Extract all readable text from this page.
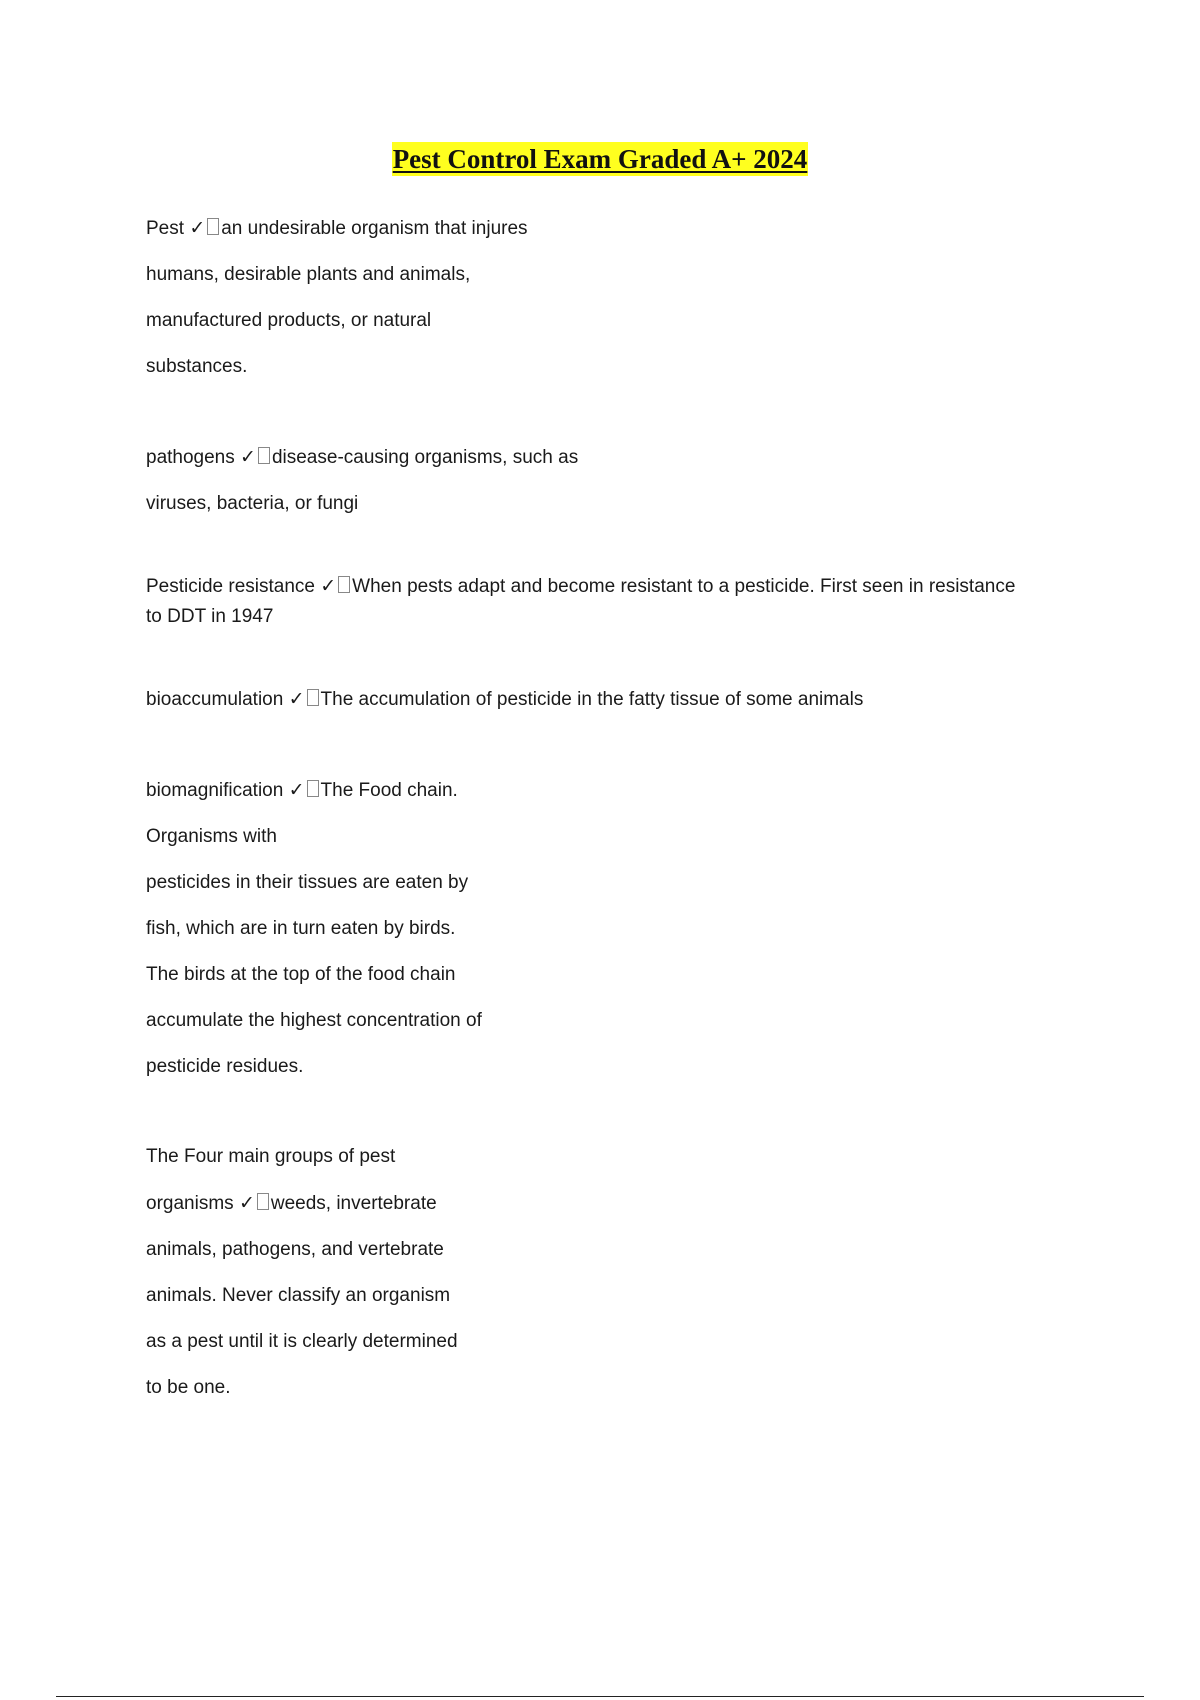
Pest Control Exam Graded A+ 2024
Pest ✓ an undesirable organism that injures
humans, desirable plants and animals,
manufactured products, or natural
substances.
pathogens ✓ disease-causing organisms, such as
viruses, bacteria, or fungi
Pesticide resistance ✓ When pests adapt and become resistant to a pesticide. First seen in resistance
to DDT in 1947
bioaccumulation ✓ The accumulation of pesticide in the fatty tissue of some animals
biomagnification ✓ The Food chain.
Organisms with
pesticides in their tissues are eaten by
fish, which are in turn eaten by birds.
The birds at the top of the food chain
accumulate the highest concentration of
pesticide residues.
The Four main groups of pest
organisms ✓ weeds, invertebrate
animals, pathogens, and vertebrate
animals. Never classify an organism
as a pest until it is clearly determined
to be one.
